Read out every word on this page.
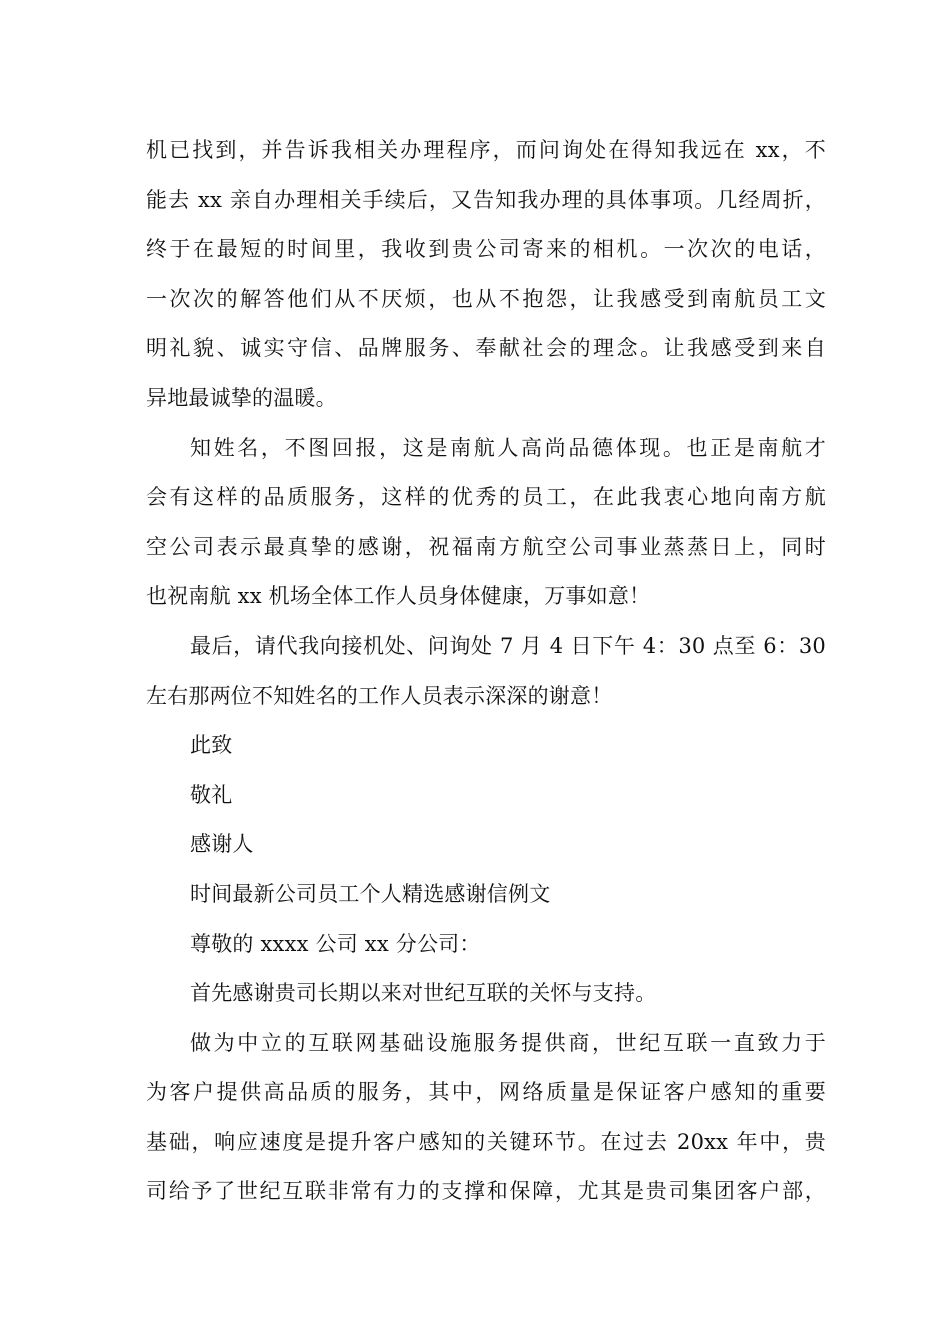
机已找到，并告诉我相关办理程序，而问询处在得知我远在 xx，不
能去 xx 亲自办理相关手续后，又告知我办理的具体事项。几经周折，
终于在最短的时间里，我收到贵公司寄来的相机。一次次的电话，
一次次的解答他们从不厌烦，也从不抱怨，让我感受到南航员工文
明礼貌、诚实守信、品牌服务、奉献社会的理念。让我感受到来自
异地最诚挚的温暖。
知姓名，不图回报，这是南航人高尚品德体现。也正是南航才
会有这样的品质服务，这样的优秀的员工，在此我衷心地向南方航
空公司表示最真挚的感谢，祝福南方航空公司事业蒸蒸日上，同时
也祝南航 xx 机场全体工作人员身体健康，万事如意！
最后，请代我向接机处、问询处 7 月 4 日下午 4：30 点至 6：30
左右那两位不知姓名的工作人员表示深深的谢意！
此致
敬礼
感谢人
时间最新公司员工个人精选感谢信例文
尊敬的 xxxx 公司 xx 分公司：
首先感谢贵司长期以来对世纪互联的关怀与支持。
做为中立的互联网基础设施服务提供商，世纪互联一直致力于
为客户提供高品质的服务，其中，网络质量是保证客户感知的重要
基础，响应速度是提升客户感知的关键环节。在过去 20xx 年中，贵
司给予了世纪互联非常有力的支撑和保障，尤其是贵司集团客户部，
